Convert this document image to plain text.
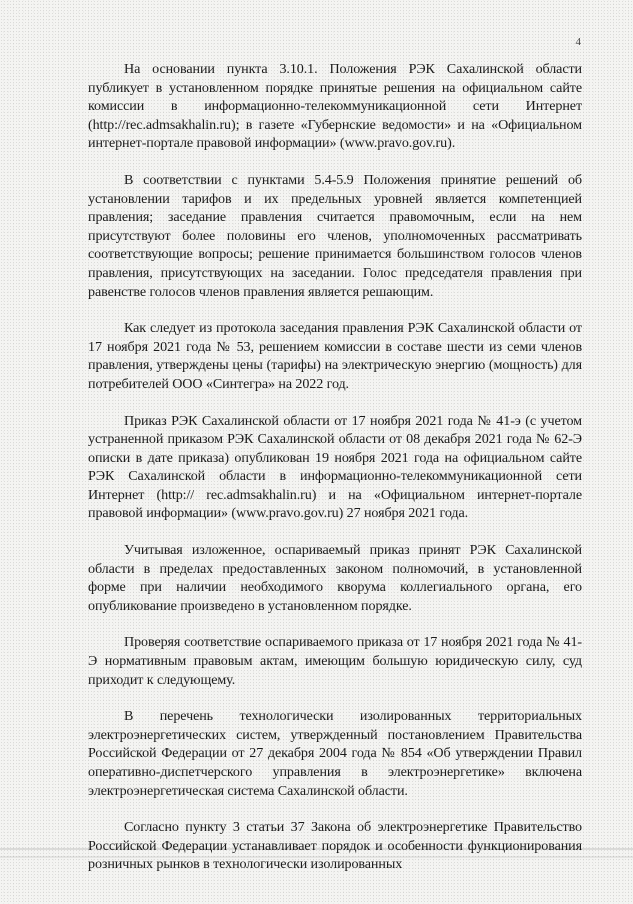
4

На основании пункта 3.10.1. Положения РЭК Сахалинской области публикует в установленном порядке принятые решения на официальном сайте комиссии в информационно-телекоммуникационной сети Интернет (http://rec.admsakhalin.ru); в газете «Губернские ведомости» и на «Официальном интернет-портале правовой информации» (www.pravo.gov.ru).

В соответствии с пунктами 5.4-5.9 Положения принятие решений об установлении тарифов и их предельных уровней является компетенцией правления; заседание правления считается правомочным, если на нем присутствуют более половины его членов, уполномоченных рассматривать соответствующие вопросы; решение принимается большинством голосов членов правления, присутствующих на заседании. Голос председателя правления при равенстве голосов членов правления является решающим.

Как следует из протокола заседания правления РЭК Сахалинской области от 17 ноября 2021 года № 53, решением комиссии в составе шести из семи членов правления, утверждены цены (тарифы) на электрическую энергию (мощность) для потребителей ООО «Синтегра» на 2022 год.

Приказ РЭК Сахалинской области от 17 ноября 2021 года № 41-э (с учетом устраненной приказом РЭК Сахалинской области от 08 декабря 2021 года № 62-Э описки в дате приказа) опубликован 19 ноября 2021 года на официальном сайте РЭК Сахалинской области в информационно-телекоммуникационной сети Интернет (http:// rec.admsakhalin.ru) и на «Официальном интернет-портале правовой информации» (www.pravo.gov.ru) 27 ноября 2021 года.

Учитывая изложенное, оспариваемый приказ принят РЭК Сахалинской области в пределах предоставленных законом полномочий, в установленной форме при наличии необходимого кворума коллегиального органа, его опубликование произведено в установленном порядке.

Проверяя соответствие оспариваемого приказа от 17 ноября 2021 года № 41-Э нормативным правовым актам, имеющим большую юридическую силу, суд приходит к следующему.

В перечень технологически изолированных территориальных электроэнергетических систем, утвержденный постановлением Правительства Российской Федерации от 27 декабря 2004 года № 854 «Об утверждении Правил оперативно-диспетчерского управления в электроэнергетике» включена электроэнергетическая система Сахалинской области.

Согласно пункту 3 статьи 37 Закона об электроэнергетике Правительство Российской Федерации устанавливает порядок и особенности функционирования розничных рынков в технологически изолированных
